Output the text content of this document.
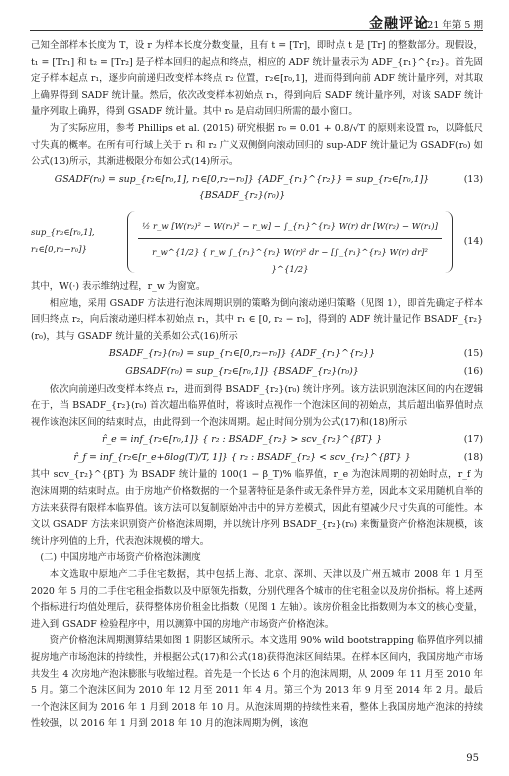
金融评论
2021 年第 5 期

己知全部样本长度为 T，设 r 为样本长度分数变量，且有 t = [Tr]，即时点 t 是 [Tr] 的整数部分。现假设，t₁ = [Tr₁] 和 t₂ = [Tr₂] 是子样本回归的起点和终点，相应的 ADF 统计量表示为 ADF_{r₁}^{r₂}。首先固定子样本起点 r₁，逐步向前递归改变样本终点 r₂ 位置，r₂∈[r₀,1]，进而得到向前 ADF 统计量序列，对其取上确界得到 SADF 统计量。然后，依次改变样本初始点 r₁，得到向后 SADF 统计量序列，对该 SADF 统计量序列取上确界，得到 GSADF 统计量。其中 r₀ 是启动回归所需的最小窗口。

为了实际应用，参考 Phillips et al. (2015) 研究根据 r₀ = 0.01 + 0.8/√T 的原则来设置 r₀，以降低尺寸失真的概率。在所有可行域上关于 r₁ 和 r₂ 广义双侧倒向滚动回归的 sup-ADF 统计量记为 GSADF(r₀) 如公式(13)所示，其渐进极限分布如公式(14)所示。

GSADF(r₀) = sup_{r₂∈[r₀,1], r₁∈[0,r₂−r₀]} {ADF_{r₁}^{r₂}} = sup_{r₂∈[r₀,1]} {BSADF_{r₂}(r₀)}
(13)
sup_{r₂∈[r₀,1], r₁∈[0,r₂−r₀]}
½ r_w [W(r₂)² − W(r₁)² − r_w] − ∫_{r₁}^{r₂} W(r) dr [W(r₂) − W(r₁)]
r_w^{1/2} { r_w ∫_{r₁}^{r₂} W(r)² dr − [∫_{r₁}^{r₂} W(r) dr]² }^{1/2}
(14)

其中，W(·) 表示维纳过程，r_w 为窗宽。

相应地，采用 GSADF 方法进行泡沫周期识别的策略为倒向滚动递归策略（见图 1），即首先确定子样本回归终点 r₂，向后滚动递归样本初始点 r₁，其中 r₁ ∈ [0, r₂ − r₀]，得到的 ADF 统计量记作 BSADF_{r₂}(r₀)，其与 GSADF 统计量的关系如公式(16)所示

BSADF_{r₂}(r₀) = sup_{r₁∈[0,r₂−r₀]} {ADF_{r₁}^{r₂}}	(15)
GBSADF(r₀) = sup_{r₂∈[r₀,1]} {BSADF_{r₂}(r₀)}	(16)

依次向前递归改变样本终点 r₂，进而到得 BSADF_{r₂}(r₀) 统计序列。该方法识别泡沫区间的内在逻辑在于，当 BSADF_{r₂}(r₀) 首次超出临界值时，将该时点视作一个泡沫区间的初始点，其后超出临界值时点视作该泡沫区间的结束时点，由此得到一个泡沫周期。起止时间分别为公式(17)和(18)所示

r̂_e = inf_{r₂∈[r₀,1]} { r₂ : BSADF_{r₂} > scv_{r₂}^{βT} }	(17)
r̂_f = inf_{r₂∈[r_e+δlog(T)/T, 1]} { r₂ : BSADF_{r₂} < scv_{r₂}^{βT} }	(18)

其中 scv_{r₂}^{βT} 为 BSADF 统计量的 100(1 − β_T)% 临界值，r_e 为泡沫周期的初始时点，r_f 为泡沫周期的结束时点。由于房地产价格数据的一个显著特征是条件或无条件异方差，因此本文采用随机自举的方法来获得有限样本临界值。该方法可以复制原始冲击中的异方差模式，因此有望减少尺寸失真的可能性。本文以 GSADF 方法来识别资产价格泡沫周期，并以统计序列 BSADF_{r₂}(r₀) 来衡量资产价格泡沫规模，该统计序列值的上升，代表泡沫规模的增大。

(二) 中国房地产市场资产价格泡沫测度

本文选取中原地产二手住宅数据，其中包括上海、北京、深圳、天津以及广州五城市 2008 年 1 月至 2020 年 5 月的二手住宅租金指数以及中原领先指数，分别代理各个城市的住宅租金以及房价指标。将上述两个指标进行均值处理后，获得整体房价租金比指数（见图 1 左轴）。该房价租金比指数则为本文的核心变量，进入到 GSADF 检验程序中，用以测算中国的房地产市场资产价格泡沫。

资产价格泡沫周期测算结果如图 1 阴影区域所示。本文选用 90% wild bootstrapping 临界值序列以捕捉房地产市场泡沫的持续性，并根据公式(17)和公式(18)获得泡沫区间结果。在样本区间内，我国房地产市场共发生 4 次房地产泡沫膨胀与收缩过程。首先是一个长达 6 个月的泡沫周期，从 2009 年 11 月至 2010 年 5 月。第二个泡沫区间为 2010 年 12 月至 2011 年 4 月。第三个为 2013 年 9 月至 2014 年 2 月。最后一个泡沫区间为 2016 年 1 月到 2018 年 10 月。从泡沫周期的持续性来看，整体上我国房地产泡沫的持续性较强，以 2016 年 1 月到 2018 年 10 月的泡沫周期为例，该泡

95
